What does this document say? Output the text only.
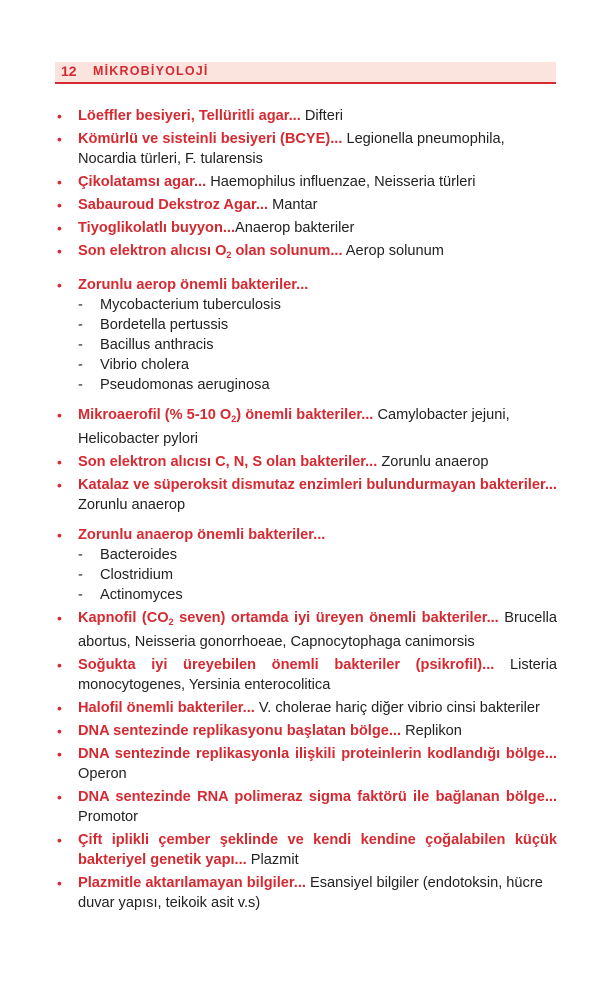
12 MİKROBİYOLOJİ
• Löeffler besiyeri, Tellüritli agar... Difteri
• Kömürlü ve sisteinli besiyeri (BCYE)... Legionella pneumophila, Nocardia türleri, F. tularensis
• Çikolatamsı agar... Haemophilus influenzae, Neisseria türleri
• Sabauroud Dekstroz Agar... Mantar
• Tiyoglikolatlı buyyon...Anaerop bakteriler
• Son elektron alıcısı $O_2$ olan solunum... Aerop solunum
• Zorunlu aerop önemli bakteriler...
- Mycobacterium tuberculosis
- Bordetella pertussis
- Bacillus anthracis
- Vibrio cholera
- Pseudomonas aeruginosa
• Mikroaerofil (% 5-10 $O_2$) önemli bakteriler... Camylobacter jejuni, Helicobacter pylori
• Son elektron alıcısı C, N, S olan bakteriler... Zorunlu anaerop
• Katalaz ve süperoksit dismutaz enzimleri bulundurmayan bakteriler... Zorunlu anaerop
• Zorunlu anaerop önemli bakteriler...
- Bacteroides
- Clostridium
- Actinomyces
• Kapnofil ($CO_2$ seven) ortamda iyi üreyen önemli bakteriler... Brucella abortus, Neisseria gonorrhoeae, Capnocytophaga canimorsis
• Soğukta iyi üreyebilen önemli bakteriler (psikrofil)... Listeria monocytogenes, Yersinia enterocolitica
• Halofil önemli bakteriler... V. cholerae hariç diğer vibrio cinsi bakteriler
• DNA sentezinde replikasyonu başlatan bölge... Replikon
• DNA sentezinde replikasyonla ilişkili proteinlerin kodlandığı bölge... Operon
• DNA sentezinde RNA polimeraz sigma faktörü ile bağlanan bölge... Promotor
• Çift iplikli çember şeklinde ve kendi kendine çoğalabilen küçük bakteriyel genetik yapı... Plazmit
• Plazmitle aktarılamayan bilgiler... Esansiyel bilgiler (endotoksin, hücre duvar yapısı, teikoik asit v.s)
